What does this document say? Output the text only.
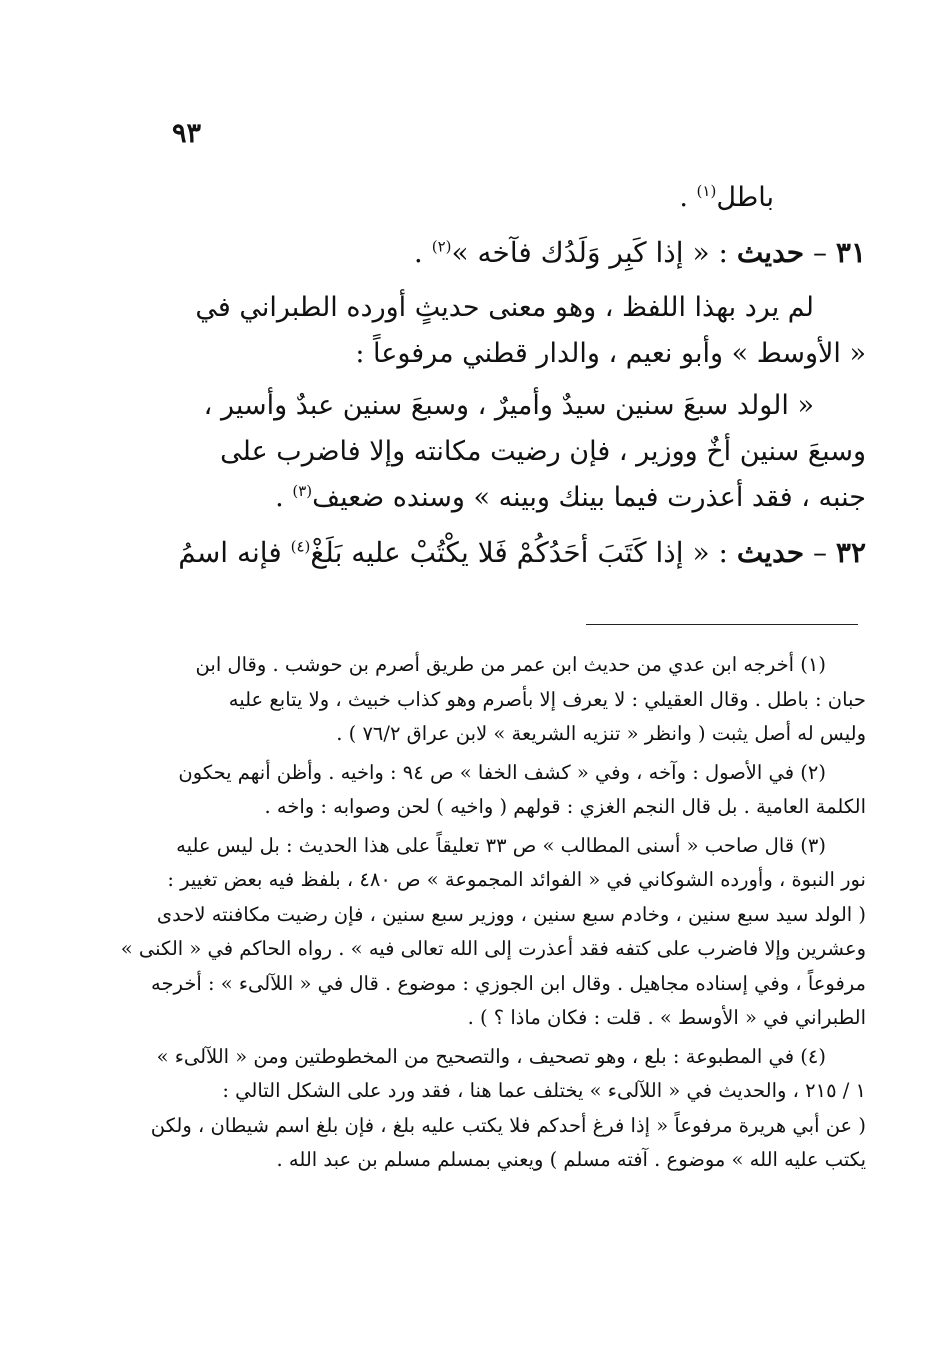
٩٣
باطل$^{(١)}$ .
٣١ – حديث : « إذا كَبِر وَلَدُك فآخه »$^{(٢)}$ .
لم يرد بهذا اللفظ ، وهو معنى حديثٍ أورده الطبراني في
« الأوسط » وأبو نعيم ، والدار قطني مرفوعاً :
« الولد سبعَ سنين سيدٌ وأميرٌ ، وسبعَ سنين عبدٌ وأسير ،
وسبعَ سنين أخٌ ووزير ، فإن رضيت مكانته وإلا فاضرب على
جنبه ، فقد أعذرت فيما بينك وبينه » وسنده ضعيف$^{(٣)}$ .
٣٢ – حديث : « إذا كَتَبَ أحَدُكُمْ فَلا يكْتُبْ عليه بَلَغْ$^{(٤)}$ فإنه اسمُ
(١) أخرجه ابن عدي من حديث ابن عمر من طريق أصرم بن حوشب . وقال ابن
حبان : باطل . وقال العقيلي : لا يعرف إلا بأصرم وهو كذاب خبيث ، ولا يتابع عليه
وليس له أصل يثبت ( وانظر « تنزيه الشريعة » لابن عراق ٧٦/٢ ) .
(٢) في الأصول : وآخه ، وفي « كشف الخفا » ص ٩٤ : واخيه . وأظن أنهم يحكون
الكلمة العامية . بل قال النجم الغزي : قولهم ( واخيه ) لحن وصوابه : واخه .
(٣) قال صاحب « أسنى المطالب » ص ٣٣ تعليقاً على هذا الحديث : بل ليس عليه
نور النبوة ، وأورده الشوكاني في « الفوائد المجموعة » ص ٤٨٠ ، بلفظ فيه بعض تغيير :
( الولد سيد سبع سنين ، وخادم سبع سنين ، ووزير سبع سنين ، فإن رضيت مكافنته لاحدى
وعشرين وإلا فاضرب على كتفه فقد أعذرت إلى الله تعالى فيه » . رواه الحاكم في « الكنى »
مرفوعاً ، وفي إسناده مجاهيل . وقال ابن الجوزي : موضوع . قال في « اللآلىء » : أخرجه
الطبراني في « الأوسط » . قلت : فكان ماذا ؟ ) .
(٤) في المطبوعة : بلع ، وهو تصحيف ، والتصحيح من المخطوطتين ومن « اللآلىء »
١ / ٢١٥ ، والحديث في « اللآلىء » يختلف عما هنا ، فقد ورد على الشكل التالي :
( عن أبي هريرة مرفوعاً « إذا فرغ أحدكم فلا يكتب عليه بلغ ، فإن بلغ اسم شيطان ، ولكن
يكتب عليه الله » موضوع . آفته مسلم ) ويعني بمسلم مسلم بن عبد الله .
